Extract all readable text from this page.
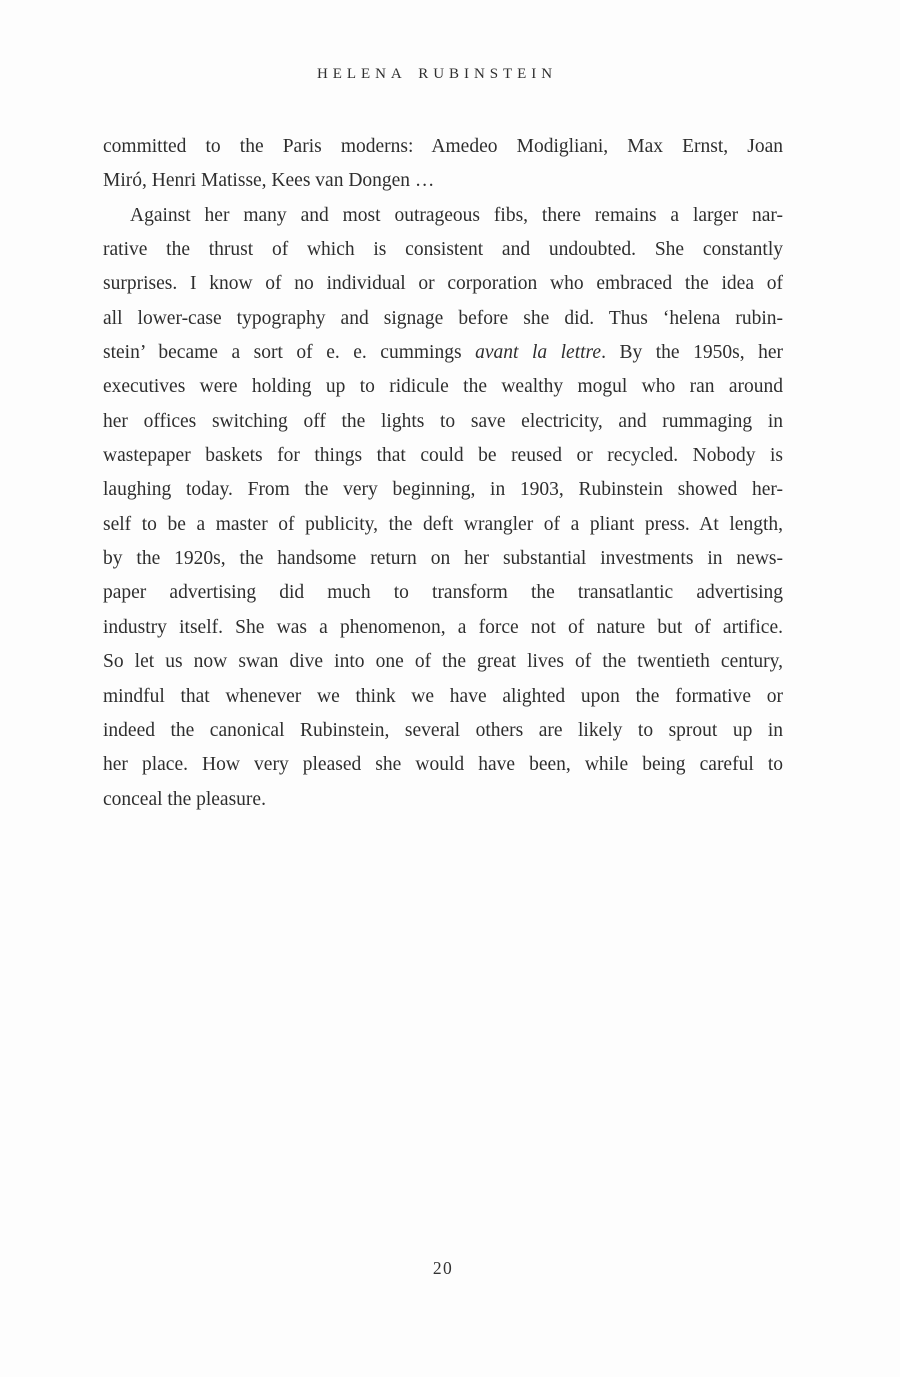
HELENA RUBINSTEIN
committed to the Paris moderns: Amedeo Modigliani, Max Ernst, Joan
Miró, Henri Matisse, Kees van Dongen …
Against her many and most outrageous fibs, there remains a larger nar-
rative the thrust of which is consistent and undoubted. She constantly
surprises. I know of no individual or corporation who embraced the idea of
all lower-case typography and signage before she did. Thus ‘helena rubin-
stein’ became a sort of e. e. cummings avant la lettre. By the 1950s, her
executives were holding up to ridicule the wealthy mogul who ran around
her offices switching off the lights to save electricity, and rummaging in
wastepaper baskets for things that could be reused or recycled. Nobody is
laughing today. From the very beginning, in 1903, Rubinstein showed her-
self to be a master of publicity, the deft wrangler of a pliant press. At length,
by the 1920s, the handsome return on her substantial investments in news-
paper advertising did much to transform the transatlantic advertising
industry itself. She was a phenomenon, a force not of nature but of artifice.
So let us now swan dive into one of the great lives of the twentieth century,
mindful that whenever we think we have alighted upon the formative or
indeed the canonical Rubinstein, several others are likely to sprout up in
her place. How very pleased she would have been, while being careful to
conceal the pleasure.
20
